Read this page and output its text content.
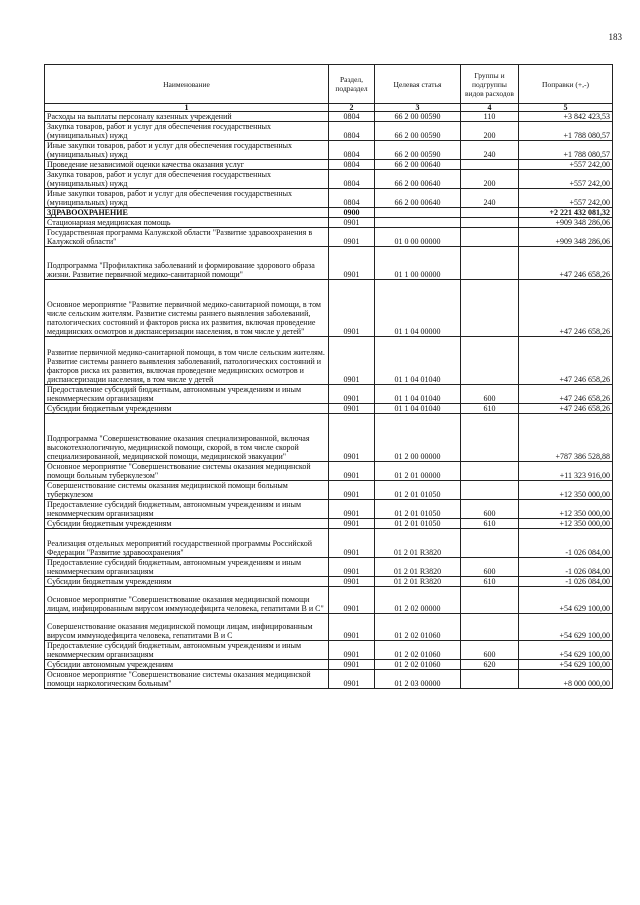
183
Наименование	Раздел, подраздел	Целевая статья	Группы и подгруппы видов расходов	Поправки (+,-)
1	2	3	4	5
Расходы на выплаты персоналу казенных учреждений	0804	66 2 00 00590	110	+3 842 423,53
Закупка товаров, работ и услуг для обеспечения государственных (муниципальных) нужд	0804	66 2 00 00590	200	+1 788 080,57
Иные закупки товаров, работ и услуг для обеспечения государственных (муниципальных) нужд	0804	66 2 00 00590	240	+1 788 080,57
Проведение независимой оценки качества оказания услуг	0804	66 2 00 00640		+557 242,00
Закупка товаров, работ и услуг для обеспечения государственных (муниципальных) нужд	0804	66 2 00 00640	200	+557 242,00
Иные закупки товаров, работ и услуг для обеспечения государственных (муниципальных) нужд	0804	66 2 00 00640	240	+557 242,00
ЗДРАВООХРАНЕНИЕ	0900			+2 221 432 081,32
Стационарная медицинская помощь	0901			+909 348 286,06
Государственная программа Калужской области "Развитие здравоохранения в Калужской области"	0901	01 0 00 00000		+909 348 286,06
Подпрограмма "Профилактика заболеваний и формирование здорового образа жизни. Развитие первичной медико-санитарной помощи"	0901	01 1 00 00000		+47 246 658,26
Основное мероприятие "Развитие первичной медико-санитарной помощи, в том числе сельским жителям. Развитие системы раннего выявления заболеваний, патологических состояний и факторов риска их развития, включая проведение медицинских осмотров и диспансеризации населения, в том числе у детей"	0901	01 1 04 00000		+47 246 658,26
Развитие первичной медико-санитарной помощи, в том числе сельским жителям. Развитие системы раннего выявления заболеваний, патологических состояний и факторов риска их развития, включая проведение медицинских осмотров и диспансеризации населения, в том числе у детей	0901	01 1 04 01040		+47 246 658,26
Предоставление субсидий бюджетным, автономным учреждениям и иным некоммерческим организациям	0901	01 1 04 01040	600	+47 246 658,26
Субсидии бюджетным учреждениям	0901	01 1 04 01040	610	+47 246 658,26
Подпрограмма "Совершенствование оказания специализированной, включая высокотехнологичную, медицинской помощи, скорой, в том числе скорой специализированной, медицинской помощи, медицинской эвакуации"	0901	01 2 00 00000		+787 386 528,88
Основное мероприятие "Совершенствование системы оказания медицинской помощи больным туберкулезом"	0901	01 2 01 00000		+11 323 916,00
Совершенствование системы оказания медицинской помощи больным туберкулезом	0901	01 2 01 01050		+12 350 000,00
Предоставление субсидий бюджетным, автономным учреждениям и иным некоммерческим организациям	0901	01 2 01 01050	600	+12 350 000,00
Субсидии бюджетным учреждениям	0901	01 2 01 01050	610	+12 350 000,00
Реализация отдельных мероприятий государственной программы Российской Федерации "Развитие здравоохранения"	0901	01 2 01 R3820		-1 026 084,00
Предоставление субсидий бюджетным, автономным учреждениям и иным некоммерческим организациям	0901	01 2 01 R3820	600	-1 026 084,00
Субсидии бюджетным учреждениям	0901	01 2 01 R3820	610	-1 026 084,00
Основное мероприятие "Совершенствование оказания медицинской помощи лицам, инфицированным вирусом иммунодефицита человека, гепатитами В и С"	0901	01 2 02 00000		+54 629 100,00
Совершенствование оказания медицинской помощи лицам, инфицированным вирусом иммунодефицита человека, гепатитами В и С	0901	01 2 02 01060		+54 629 100,00
Предоставление субсидий бюджетным, автономным учреждениям и иным некоммерческим организациям	0901	01 2 02 01060	600	+54 629 100,00
Субсидии автономным учреждениям	0901	01 2 02 01060	620	+54 629 100,00
Основное мероприятие "Совершенствование системы оказания медицинской помощи наркологическим больным"	0901	01 2 03 00000		+8 000 000,00
